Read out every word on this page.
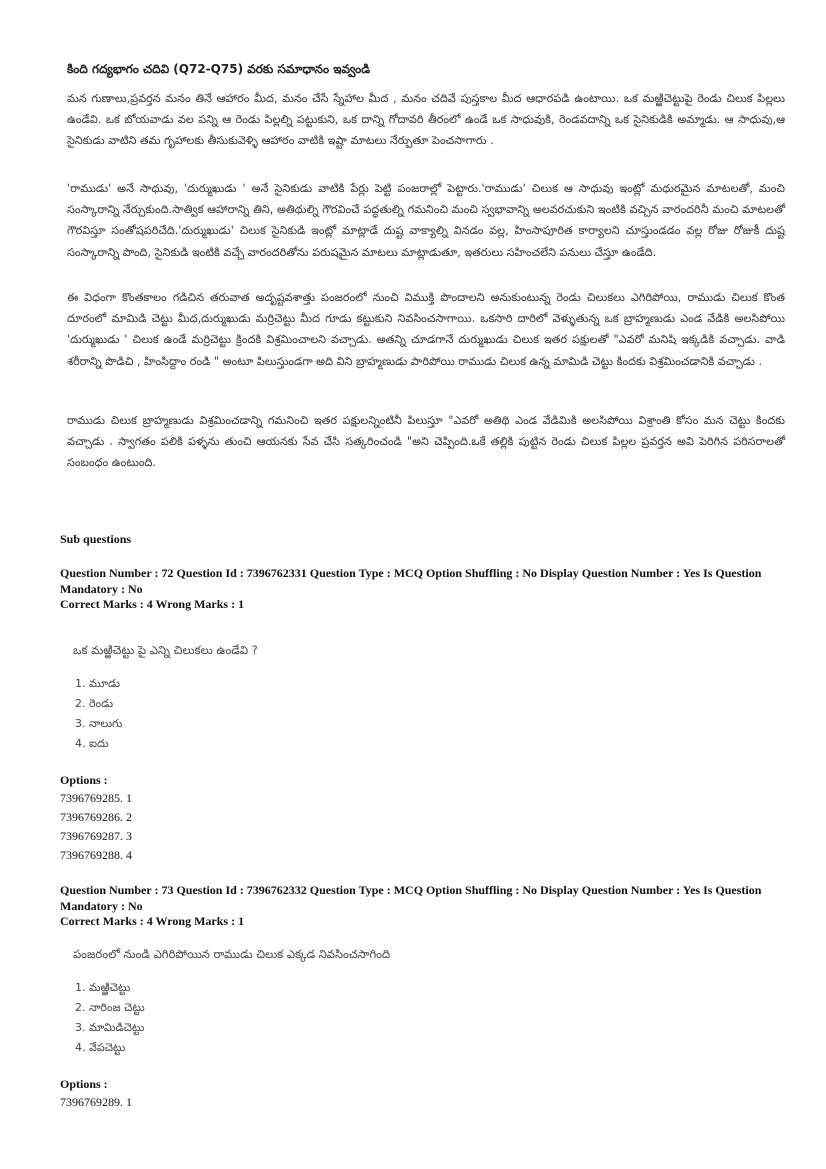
కింది గద్యభాగం చదివి (Q72-Q75) వరకు సమాధానం ఇవ్వండి
మన గుణాలు,ప్రవర్తన మనం తినే ఆహారం మీద, మనం చేసే స్నేహాల మీద , మనం చదివే పుస్తకాల మీద ఆధారపడి ఉంటాయి. ఒక మఱ్ఱిచెట్టుపై రెండు చిలుక పిల్లలు ఉండేవి. ఒక బోయవాడు వల పన్ని ఆ రెండు పిల్లల్ని పట్టుకుని, ఒక దాన్ని గోదావరి తీరంలో ఉండే ఒక సాధువుకి, రెండవదాన్ని ఒక సైనికుడికి అమ్మాడు. ఆ సాధువు,ఆ సైనికుడు వాటిని తమ గృహాలకు తీసుకువెళ్ళి ఆహారం వాటికి ఇష్టా మాటలు నేర్పుతూ పెంచసాగారు .
'రాముడు' అనే సాధువు, 'దుర్ముఖుడు ' అనే సైనికుడు వాటికి పేర్లు పెట్టి పంజరాల్లో పెట్టారు.'రాముడు' చిలుక ఆ సాధువు ఇంట్లో మధురమైన మాటలతో, మంచి సంస్కారాన్ని నేర్చుకుంది.సాత్విక ఆహారాన్ని తిని, అతిథుల్ని గౌరవించే పద్ధతుల్ని గమనించి మంచి స్వభావాన్ని అలవరచుకుని ఇంటికి వచ్చిన వారందరినీ మంచి మాటలతో గౌరవిస్తూ సంతోషపరిచేది.'దుర్ముఖుడు' చిలుక సైనికుడి ఇంట్లో మాట్లాడే దుష్ట వాక్యాల్ని వినడం వల్ల, హింసాపూరిత కార్యాలని చూస్తుండడం వల్ల రోజు రోజుకీ దుష్ట సంస్కారాన్ని పొంది, సైనికుడి ఇంటికి వచ్చే వారందరితోను పరుషమైన మాటలు మాట్లాడుతూ, ఇతరులు సహించలేని పనులు చేస్తూ ఉండేది.
ఈ విధంగా కొంతకాలం గడిచిన తరువాత అదృష్టవశాత్తు పంజరంలో నుంచి విముక్తి పొందాలని అనుకుంటున్న రెండు చిలుకలు ఎగిరిపోయి, రాముడు చిలుక కొంత దూరంలో మామిడి చెట్టు మీద,దుర్ముఖుడు మర్రిచెట్టు మీద గూడు కట్టుకుని నివసించసాగాయి. ఒకసారి దారిలో వెళ్ళుతున్న ఒక బ్రాహ్మణుడు ఎండ వేడికి అలసిపోయి 'దుర్ముఖుడు ' చిలుక ఉండే మర్రిచెట్టు క్రిందకి విశ్రమించాలని వచ్చాడు. అతన్ని చూడగానే దుర్ముఖుడు చిలుక ఇతర పక్షులతో "ఎవరో మనిషి ఇక్కడికి వచ్చాడు. వాడి శరీరాన్ని పొడిచి , హింసిద్దాం రండి " అంటూ పిలుస్తుండగా అది విని బ్రాహ్మణుడు పారిపోయి రాముడు చిలుక ఉన్న మామిడి చెట్టు కిందకు విశ్రమించడానికి వచ్చాడు .
రాముడు చిలుక బ్రాహ్మణుడు విశ్రమించడాన్ని గమనించి ఇతర పక్షులన్నింటినీ పిలుస్తూ "ఎవరో అతిథి ఎండ వేడిమికి అలసిపోయి విశ్రాంతి కోసం మన చెట్టు కిందకు వచ్చాడు . స్వాగతం పలికి పళ్ళను తుంచి ఆయనకు సేవ చేసి సత్కరించండి "అని చెప్పింది.ఒకే తల్లికి పుట్టిన రెండు చిలుక పిల్లల ప్రవర్తన అవి పెరిగిన పరిసరాలతో సంబంధం ఉంటుంది.
Sub questions
Question Number : 72 Question Id : 7396762331 Question Type : MCQ Option Shuffling : No Display Question Number : Yes Is Question Mandatory : No
Correct Marks : 4 Wrong Marks : 1
ఒక మఱ్ఱిచెట్టు పై ఎన్ని చిలుకలు ఉండేవి ?
1. మూడు
2. రెండు
3. నాలుగు
4. ఐదు
Options :
7396769285. 1
7396769286. 2
7396769287. 3
7396769288. 4
Question Number : 73 Question Id : 7396762332 Question Type : MCQ Option Shuffling : No Display Question Number : Yes Is Question Mandatory : No
Correct Marks : 4 Wrong Marks : 1
పంజరంలో నుండి ఎగిరిపోయిన రాముడు చిలుక ఎక్కడ నివసించసాగింది
1. మఱ్ఱిచెట్టు
2. నారింజ చెట్టు
3. మామిడిచెట్టు
4. వేపచెట్టు
Options :
7396769289. 1
